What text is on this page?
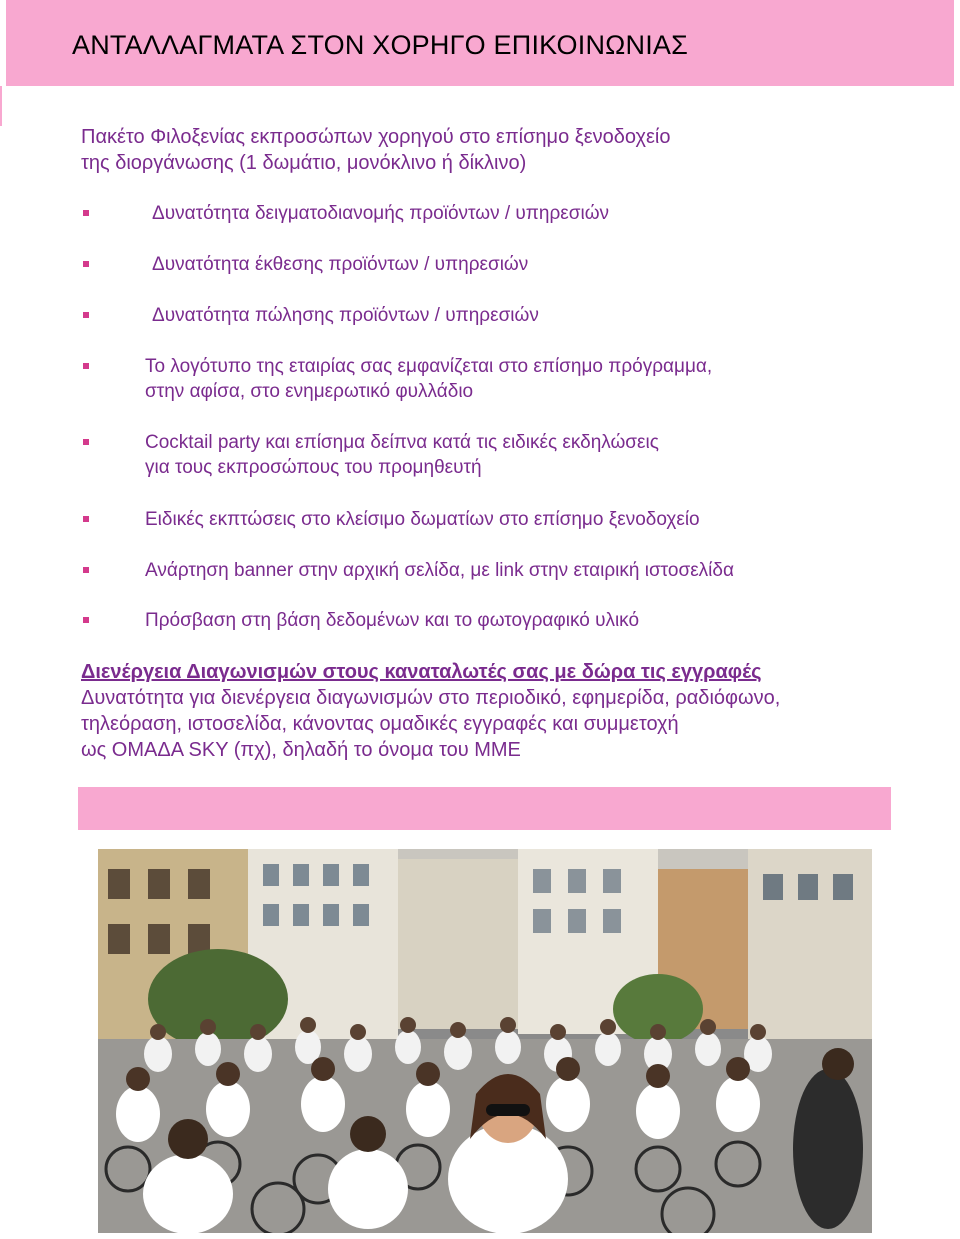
ΑΝΤΑΛΛΑΓΜΑΤΑ ΣΤΟΝ ΧΟΡΗΓΟ ΕΠΙΚΟΙΝΩΝΙΑΣ
Πακέτο Φιλοξενίας εκπροσώπων χορηγού στο επίσημο ξενοδοχείο
της διοργάνωσης (1 δωμάτιο, μονόκλινο ή δίκλινο)
Δυνατότητα δειγματοδιανομής προϊόντων / υπηρεσιών
Δυνατότητα έκθεσης προϊόντων / υπηρεσιών
Δυνατότητα πώλησης προϊόντων / υπηρεσιών
Το λογότυπο της εταιρίας σας εμφανίζεται στο επίσημο πρόγραμμα,
στην αφίσα, στο ενημερωτικό φυλλάδιο
Cocktail party και επίσημα δείπνα κατά τις ειδικές εκδηλώσεις
για τους εκπροσώπους του προμηθευτή
Ειδικές εκπτώσεις στο κλείσιμο δωματίων στο επίσημο ξενοδοχείο
Ανάρτηση banner στην αρχική σελίδα, με link στην εταιρική ιστοσελίδα
Πρόσβαση στη βάση δεδομένων και το φωτογραφικό υλικό
Διενέργεια Διαγωνισμών στους καναταλωτές σας με δώρα τις εγγραφές
Δυνατότητα για διενέργεια διαγωνισμών στο περιοδικό, εφημερίδα, ραδιόφωνο,
τηλεόραση, ιστοσελίδα, κάνοντας ομαδικές εγγραφές και συμμετοχή
ως ΟΜΑΔΑ SKY (πχ), δηλαδή το όνομα του ΜΜΕ
